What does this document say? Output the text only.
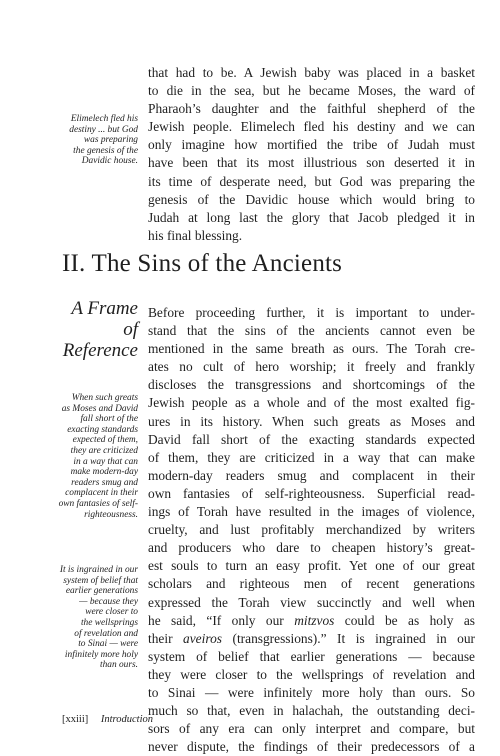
that had to be. A Jewish baby was placed in a basket
to die in the sea, but he became Moses, the ward of
Pharaoh’s daughter and the faithful shepherd of the
Jewish people. Elimelech fled his destiny and we can
only imagine how mortified the tribe of Judah must
have been that its most illustrious son deserted it in
its time of desperate need, but God was preparing the
genesis of the Davidic house which would bring to
Judah at long last the glory that Jacob pledged it in
his final blessing.
Elimelech fled his
destiny ... but God
was preparing
the genesis of the
Davidic house.
II. The Sins of the Ancients
A Frame
of
Reference
When such greats
as Moses and David
fall short of the
exacting standards
expected of them,
they are criticized
in a way that can
make modern-day
readers smug and
complacent in their
own fantasies of self-
righteousness.
It is ingrained in our
system of belief that
earlier generations
— because they
were closer to
the wellsprings
of revelation and
to Sinai — were
infinitely more holy
than ours.
Before proceeding further, it is important to under-
stand that the sins of the ancients cannot even be
mentioned in the same breath as ours. The Torah cre-
ates no cult of hero worship; it freely and frankly
discloses the transgressions and shortcomings of the
Jewish people as a whole and of the most exalted fig-
ures in its history. When such greats as Moses and
David fall short of the exacting standards expected
of them, they are criticized in a way that can make
modern-day readers smug and complacent in their
own fantasies of self-righteousness. Superficial read-
ings of Torah have resulted in the images of violence,
cruelty, and lust profitably merchandized by writers
and producers who dare to cheapen history’s great-
est souls to turn an easy profit. Yet one of our great
scholars and righteous men of recent generations
expressed the Torah view succinctly and well when
he said, “If only our mitzvos could be as holy as
their aveiros (transgressions).” It is ingrained in our
system of belief that earlier generations — because
they were closer to the wellsprings of revelation and
to Sinai — were infinitely more holy than ours. So
much so that, even in halachah, the outstanding deci-
sors of any era can only interpret and compare, but
never dispute, the findings of their predecessors of a
[xxiii] Introduction
